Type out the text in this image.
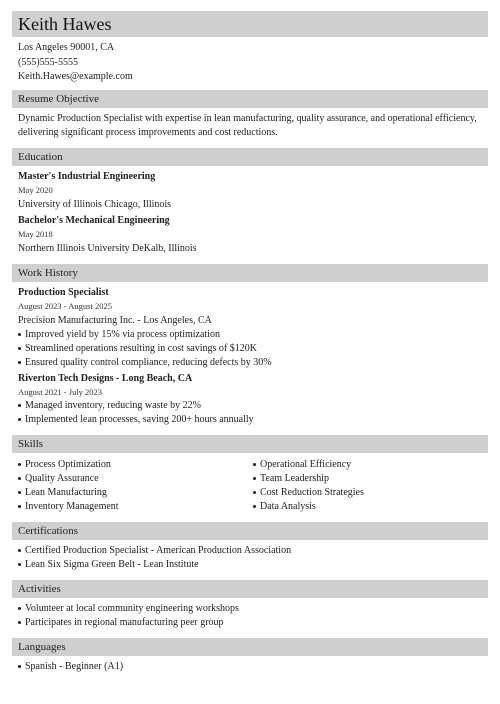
Keith Hawes
Los Angeles 90001, CA
(555)555-5555
Keith.Hawes@example.com
Resume Objective
Dynamic Production Specialist with expertise in lean manufacturing, quality assurance, and operational efficiency, delivering significant process improvements and cost reductions.
Education
Master's Industrial Engineering
May 2020
University of Illinois Chicago, Illinois
Bachelor's Mechanical Engineering
May 2018
Northern Illinois University DeKalb, Illinois
Work History
Production Specialist
August 2023 - August 2025
Precision Manufacturing Inc. - Los Angeles, CA
Improved yield by 15% via process optimization
Streamlined operations resulting in cost savings of $120K
Ensured quality control compliance, reducing defects by 30%
Riverton Tech Designs - Long Beach, CA
August 2021 - July 2023
Managed inventory, reducing waste by 22%
Implemented lean processes, saving 200+ hours annually
Skills
Process Optimization
Quality Assurance
Lean Manufacturing
Inventory Management
Operational Efficiency
Team Leadership
Cost Reduction Strategies
Data Analysis
Certifications
Certified Production Specialist - American Production Association
Lean Six Sigma Green Belt - Lean Institute
Activities
Volunteer at local community engineering workshops
Participates in regional manufacturing peer group
Languages
Spanish - Beginner (A1)
